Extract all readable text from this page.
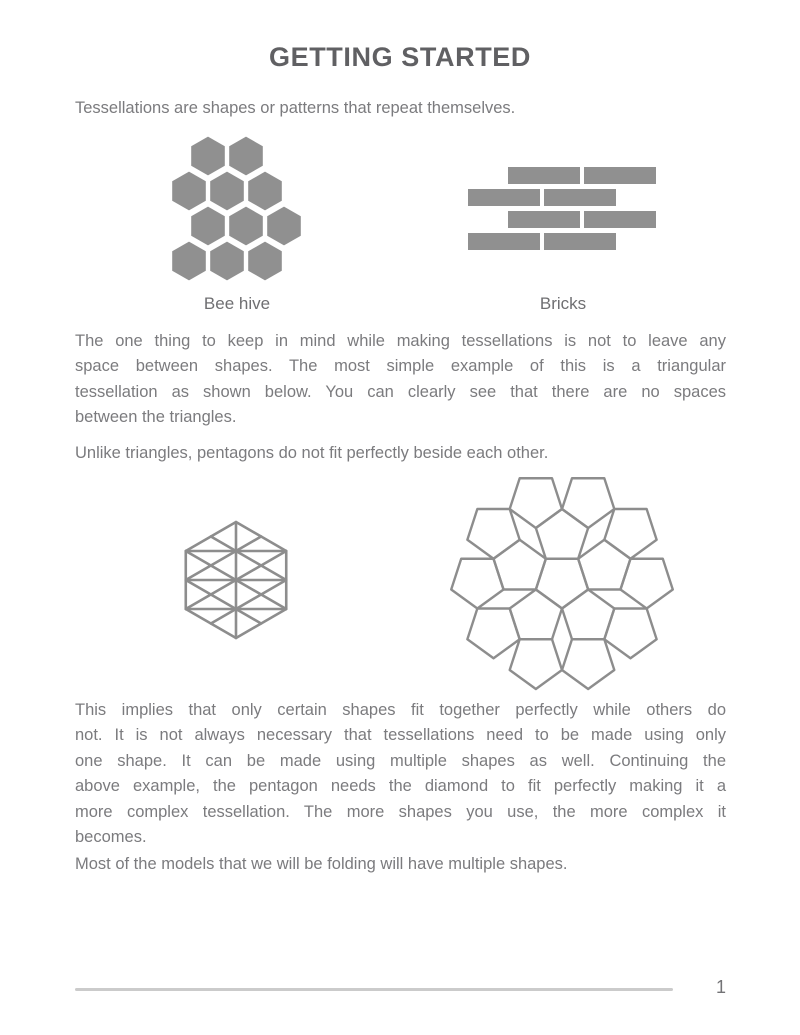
GETTING STARTED
Tessellations are shapes or patterns that repeat themselves.
Bee hive	Bricks
The one thing to keep in mind while making tessellations is not to leave any
space between shapes. The most simple example of this is a triangular
tessellation as shown below. You can clearly see that there are no spaces
between the triangles.
Unlike triangles, pentagons do not fit perfectly beside each other.
This implies that only certain shapes fit together perfectly while others do
not. It is not always necessary that tessellations need to be made using only
one shape. It can be made using multiple shapes as well. Continuing the
above example, the pentagon needs the diamond to fit perfectly making it a
more complex tessellation. The more shapes you use, the more complex it
becomes.
Most of the models that we will be folding will have multiple shapes.
1
